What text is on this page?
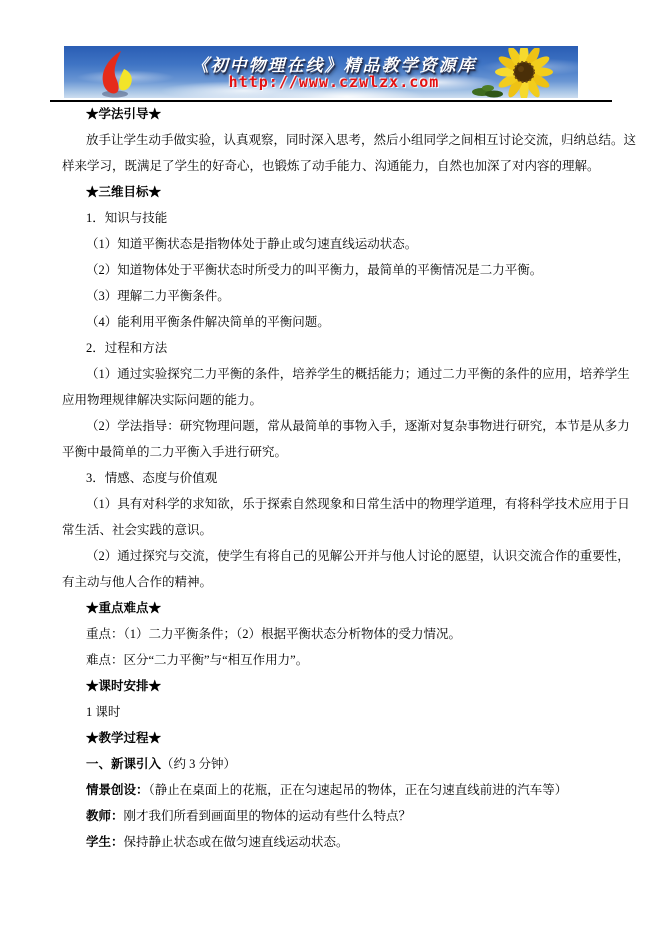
《初中物理在线》精品教学资源库
http://www.czwlzx.com
★学法引导★
放手让学生动手做实验，认真观察，同时深入思考，然后小组同学之间相互讨论交流，归纳总结。这
样来学习，既满足了学生的好奇心，也锻炼了动手能力、沟通能力，自然也加深了对内容的理解。
★三维目标★
1．知识与技能
（1）知道平衡状态是指物体处于静止或匀速直线运动状态。
（2）知道物体处于平衡状态时所受力的叫平衡力，最简单的平衡情况是二力平衡。
（3）理解二力平衡条件。
（4）能利用平衡条件解决简单的平衡问题。
2．过程和方法
（1）通过实验探究二力平衡的条件，培养学生的概括能力；通过二力平衡的条件的应用，培养学生
应用物理规律解决实际问题的能力。
（2）学法指导：研究物理问题，常从最简单的事物入手，逐渐对复杂事物进行研究，本节是从多力
平衡中最简单的二力平衡入手进行研究。
3．情感、态度与价值观
（1）具有对科学的求知欲，乐于探索自然现象和日常生活中的物理学道理，有将科学技术应用于日
常生活、社会实践的意识。
（2）通过探究与交流，使学生有将自己的见解公开并与他人讨论的愿望，认识交流合作的重要性，
有主动与他人合作的精神。
★重点难点★
重点：（1）二力平衡条件；（2）根据平衡状态分析物体的受力情况。
难点：区分“二力平衡”与“相互作用力”。
★课时安排★
1 课时
★教学过程★
一、新课引入（约 3 分钟）
情景创设：（静止在桌面上的花瓶，正在匀速起吊的物体，正在匀速直线前进的汽车等）
教师：刚才我们所看到画面里的物体的运动有些什么特点？
学生：保持静止状态或在做匀速直线运动状态。
